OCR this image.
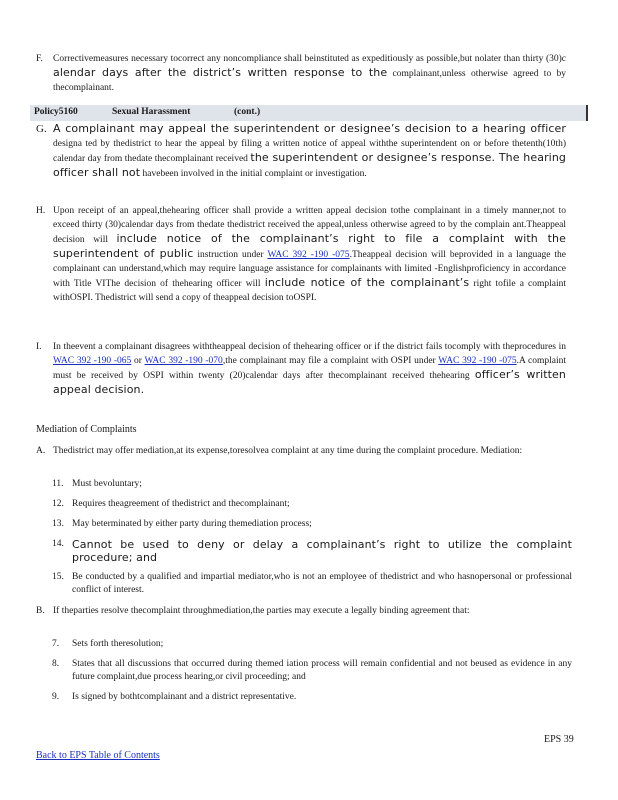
F. Correctivemeasures necessary tocorrect any noncompliance shall beinstituted as expeditiously as possible,but nolater than thirty (30)c alendar days after the district’s written response to the complainant,unless otherwise agreed to by thecomplainant.
Policy5160	Sexual Harassment	(cont.)
G. A complainant may appeal the superintendent or designee’s decision to a hearing officer designa ted by thedistrict to hear the appeal by filing a written notice of appeal withthe superintendent on or before thetenth(10th) calendar day from thedate thecomplainant received the superintendent or designee’s response. The hearing officer shall not havebeen involved in the initial complaint or investigation.
H. Upon receipt of an appeal,thehearing officer shall provide a written appeal decision tothe complainant in a timely manner,not to exceed thirty (30)calendar days from thedate thedistrict received the appeal,unless otherwise agreed to by the complain ant.Theappeal decision will include notice of the complainant’s right to file a complaint with the superintendent of public instruction under WAC 392 -190 -075.Theappeal decision will beprovided in a language the complainant can understand,which may require language assistance for complainants with limited -Englishproficiency in accordance with Title VIThe decision of thehearing officer will include notice of the complainant’s right tofile a complaint withOSPI. Thedistrict will send a copy of theappeal decision toOSPI.
I. In theevent a complainant disagrees withtheappeal decision of thehearing officer or if the district fails tocomply with theprocedures in WAC 392 -190 -065 or WAC 392 -190 -070,the complainant may file a complaint with OSPI under WAC 392 -190 -075.A complaint must be received by OSPI within twenty (20)calendar days after thecomplainant received thehearing officer’s written appeal decision.
Mediation of Complaints
A. Thedistrict may offer mediation,at its expense,toresolvea complaint at any time during the complaint procedure. Mediation:
11. Must bevoluntary;
12. Requires theagreement of thedistrict and thecomplainant;
13. May beterminated by either party during themediation process;
14. Cannot be used to deny or delay a complainant’s right to utilize the complaint procedure; and
15. Be conducted by a qualified and impartial mediator,who is not an employee of thedistrict and who hasnopersonal or professional conflict of interest.
B. If theparties resolve thecomplaint throughmediation,the parties may execute a legally binding agreement that:
7. Sets forth theresolution;
8. States that all discussions that occurred during themed iation process will remain confidential and not beused as evidence in any future complaint,due process hearing,or civil proceeding; and
9. Is signed by bothtcomplainant and a district representative.
EPS 39
Back to EPS Table of Contents
